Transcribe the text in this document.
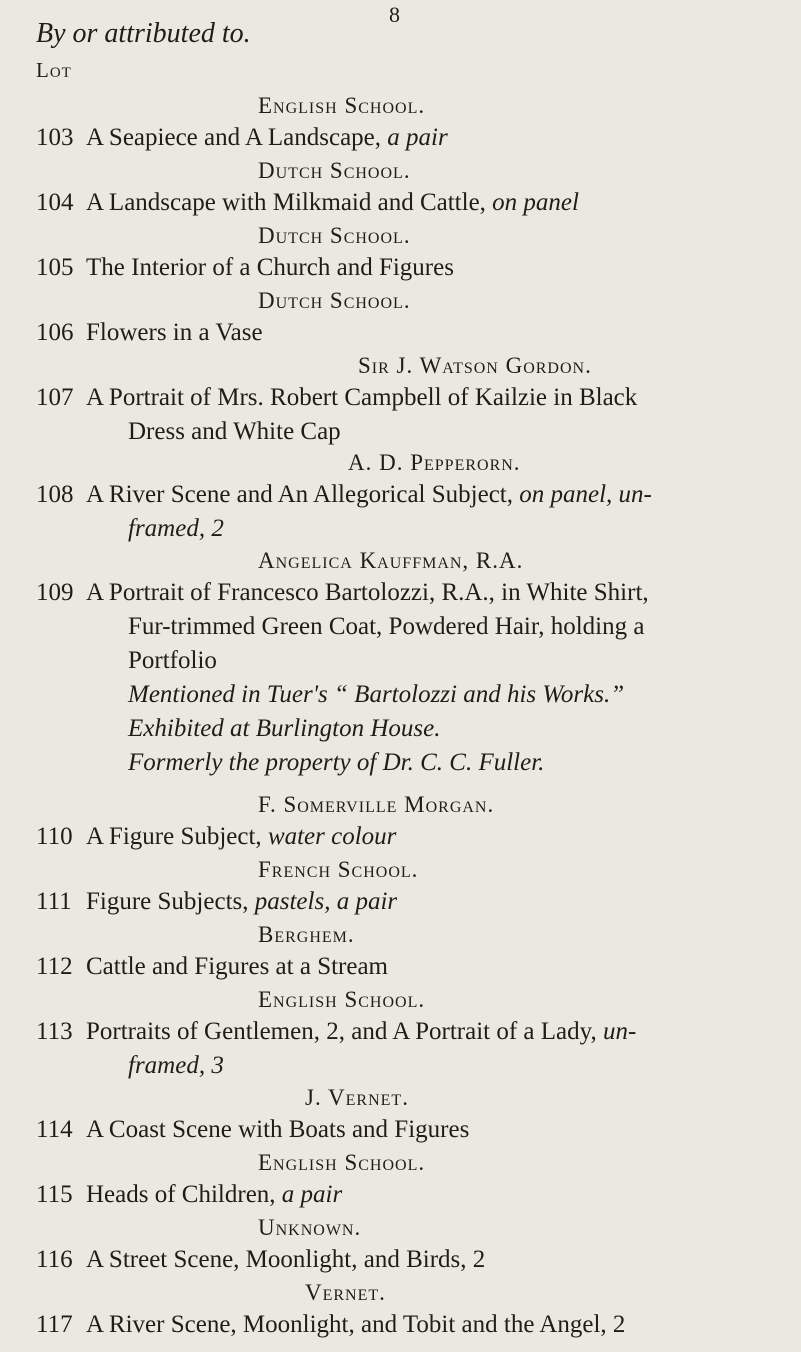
8
By or attributed to.
Lot
English School.
Dutch School.
Dutch School.
Dutch School.
Sir J. Watson Gordon.
A. D. Pepperorn.
Angelica Kauffman, R.A.
F. Somerville Morgan.
French School.
Berghem.
English School.
J. Vernet.
English School.
Unknown.
Vernet.
103 A Seapiece and A Landscape, a pair
104 A Landscape with Milkmaid and Cattle, on panel
105 The Interior of a Church and Figures
106 Flowers in a Vase
107 A Portrait of Mrs. Robert Campbell of Kailzie in Black
Dress and White Cap
108 A River Scene and An Allegorical Subject, on panel, un-
framed, 2
109 A Portrait of Francesco Bartolozzi, R.A., in White Shirt,
Fur-trimmed Green Coat, Powdered Hair, holding a
Portfolio
Mentioned in Tuer's “ Bartolozzi and his Works.”
Exhibited at Burlington House.
Formerly the property of Dr. C. C. Fuller.
110 A Figure Subject, water colour
111 Figure Subjects, pastels, a pair
112 Cattle and Figures at a Stream
113 Portraits of Gentlemen, 2, and A Portrait of a Lady, un-
framed, 3
114 A Coast Scene with Boats and Figures
115 Heads of Children, a pair
116 A Street Scene, Moonlight, and Birds, 2
117 A River Scene, Moonlight, and Tobit and the Angel, 2
